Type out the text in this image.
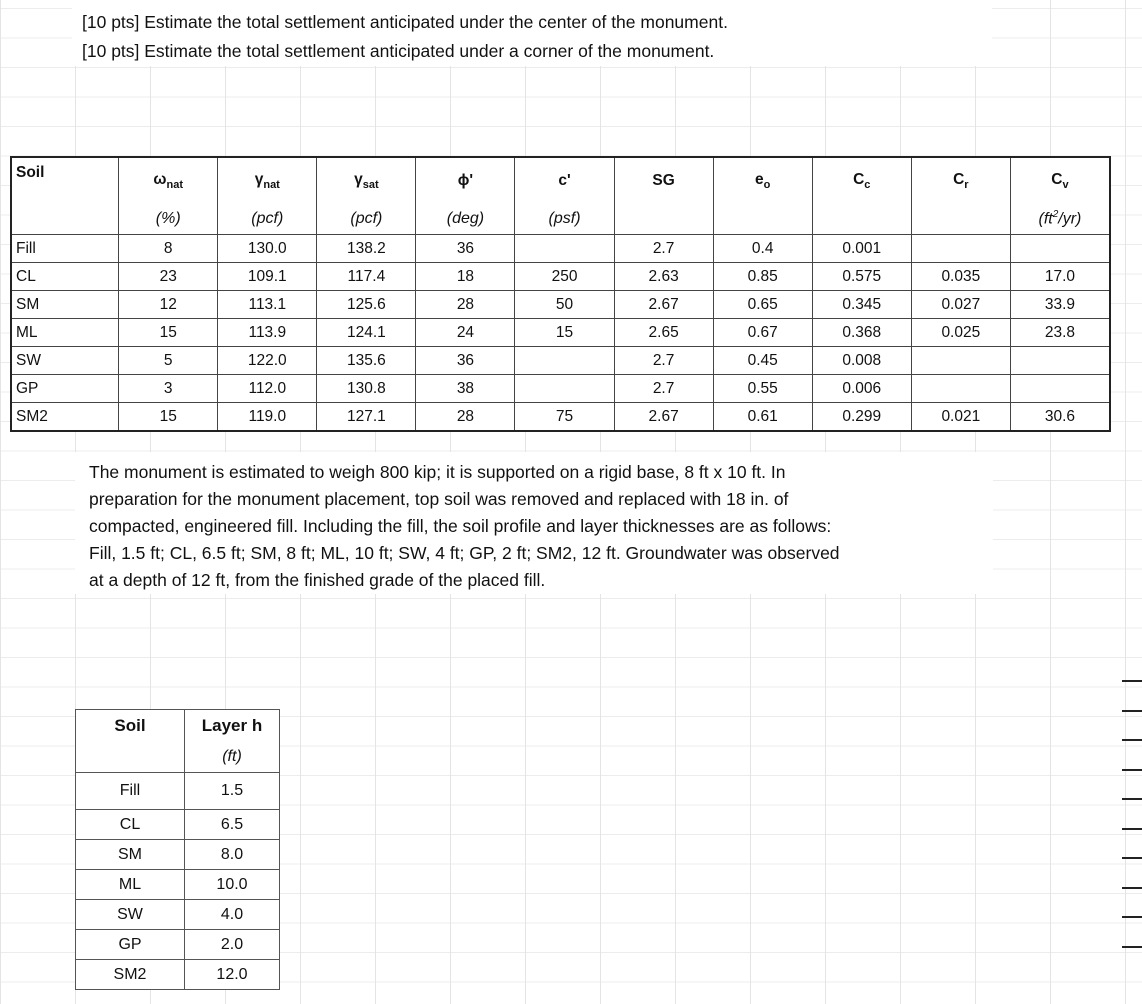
[10 pts] Estimate the total settlement anticipated under the center of the monument.
[10 pts] Estimate the total settlement anticipated under a corner of the monument.
Soil	$\omega_{nat}$	$\gamma_{nat}$	$\gamma_{sat}$	ϕ'	c'	SG	$e_o$	$C_c$	$C_r$	$C_v$
	(%)	(pcf)	(pcf)	(deg)	(psf)					$(ft^2/yr)$
Fill	8	130.0	138.2	36		2.7	0.4	0.001		
CL	23	109.1	117.4	18	250	2.63	0.85	0.575	0.035	17.0
SM	12	113.1	125.6	28	50	2.67	0.65	0.345	0.027	33.9
ML	15	113.9	124.1	24	15	2.65	0.67	0.368	0.025	23.8
SW	5	122.0	135.6	36		2.7	0.45	0.008		
GP	3	112.0	130.8	38		2.7	0.55	0.006		
SM2	15	119.0	127.1	28	75	2.67	0.61	0.299	0.021	30.6
The monument is estimated to weigh 800 kip; it is supported on a rigid base, 8 ft x 10 ft. In
preparation for the monument placement, top soil was removed and replaced with 18 in. of
compacted, engineered fill. Including the fill, the soil profile and layer thicknesses are as follows:
Fill, 1.5 ft; CL, 6.5 ft; SM, 8 ft; ML, 10 ft; SW, 4 ft; GP, 2 ft; SM2, 12 ft. Groundwater was observed
at a depth of 12 ft, from the finished grade of the placed fill.
Soil	Layer h
	(ft)
Fill	1.5
CL	6.5
SM	8.0
ML	10.0
SW	4.0
GP	2.0
SM2	12.0
